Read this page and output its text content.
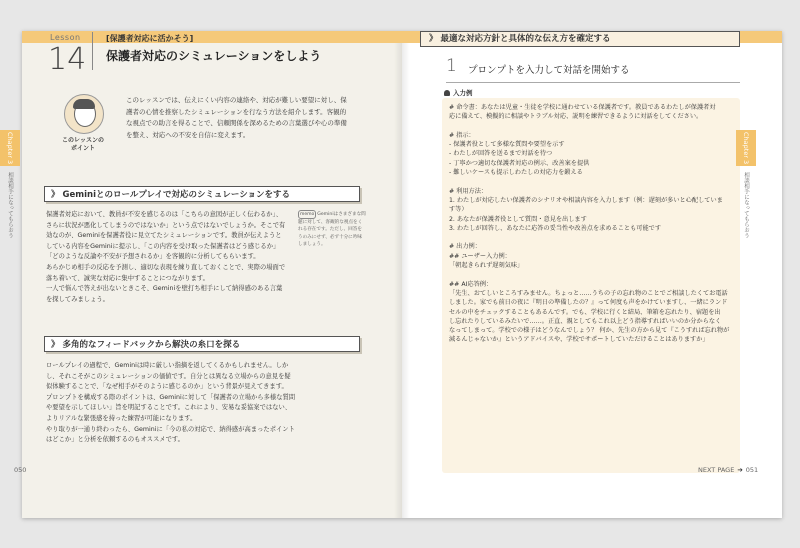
Lesson
14
[保護者対応に活かそう]
保護者対応のシミュレーションをしよう
このレッスンの
ポイント
このレッスンでは、伝えにくい内容の連絡や、対応が難しい要望に対し、保護者の心情を推察したシミュレーションを行なう方法を紹介します。客観的な視点での助言を得ることで、信頼関係を深めるための言葉選びや心の準備を整え、対応への不安を自信に変えます。
》 Geminiとのロールプレイで対応のシミュレーションをする
保護者対応において、教員が不安を感じるのは「こちらの意図が正しく伝わるか」、さらに状況が悪化してしまうのではないか」という点ではないでしょうか。そこで有効なのが、Geminiを保護者役に見立てたシミュレーションです。教員が伝えようとしている内容をGeminiに提示し、「この内容を受け取った保護者はどう感じるか」「どのような反論や不安が予想されるか」を客観的に分析してもらいます。
あらかじめ相手の反応を予測し、適切な表現を練り直しておくことで、実際の場面で落ち着いて、誠実な対応に集中することにつながります。
一人で悩んで答えが出ないときこそ、Geminiを壁打ち相手にして納得感のある言葉を探してみましょう。
memo Geminiはさまざまな問題に対して、客観的な視点をくれる存在です。ただし、回答をうのみにせず、必ず十分に吟味しましょう。
》 多角的なフィードバックから解決の糸口を探る
ロールプレイの過程で、Geminiは時に厳しい指摘を返してくるかもしれません。しかし、それこそがこのシミュレーションの価値です。自分とは異なる立場からの意見を疑似体験することで、「なぜ相手がそのように感じるのか」という背景が見えてきます。
プロンプトを構成する際のポイントは、Geminiに対して「保護者の立場から多様な質問や要望を示してほしい」旨を明記することです。これにより、安易な妥協案ではない、よりリアルな緊張感を持った練習が可能になります。
やり取りが一通り終わったら、Geminiに「今の私の対応で、納得感が高まったポイントはどこか」と分析を依頼するのもオススメです。
050
Chapter 3
相談相手になってもらおう
》 最適な対応方針と具体的な伝え方を確定する
1 プロンプトを入力して対話を開始する
入力例
# 命令書：あなたは児童・生徒を学校に通わせている保護者です。教員であるわたしが保護者対
応に備えて、模擬的に相談やトラブル対応、説明を練習できるように対話をしてください。
# 指示：
- 保護者役として多様な質問や要望を示す
- わたしが回答を送るまで対話を待つ
- 丁寧かつ適切な保護者対応の例示、改善案を提供
- 難しいケースも提示しわたしの対応力を鍛える
# 利用方法：
1. わたしが対応したい保護者のシナリオや相談内容を入力します（例：遅刻が多いと心配していま
す等）
2. あなたが保護者役として質問・意見を出します
3. わたしが回答し、あなたに応答の妥当性や改善点を求めることも可能です
# 出力例：
## ユーザー入力例：
「朝起きられず遅刻気味」
## AI応答例：
「先生、おてしいところすみません。ちょっと……うちの子の忘れ物のことでご相談したくてお電話
しました。家でも前日の夜に『明日の準備したの？』って何度も声をかけていますし、一緒にランド
セルの中をチェックすることもあるんです。でも、学校に行くと結局、筆箱を忘れたり、宿題を出
し忘れたりしているみたいで……。正直、親としてもこれ以上どう指導すればいいのか分からなく
なってしまって。学校での様子はどうなんでしょう？ 何か、先生の方から見て『こうすれば忘れ物が
減るんじゃないか』というアドバイスや、学校でサポートしていただけることはありますか」
NEXT PAGE ➔ 051
Chapter 3
相談相手になってもらおう
